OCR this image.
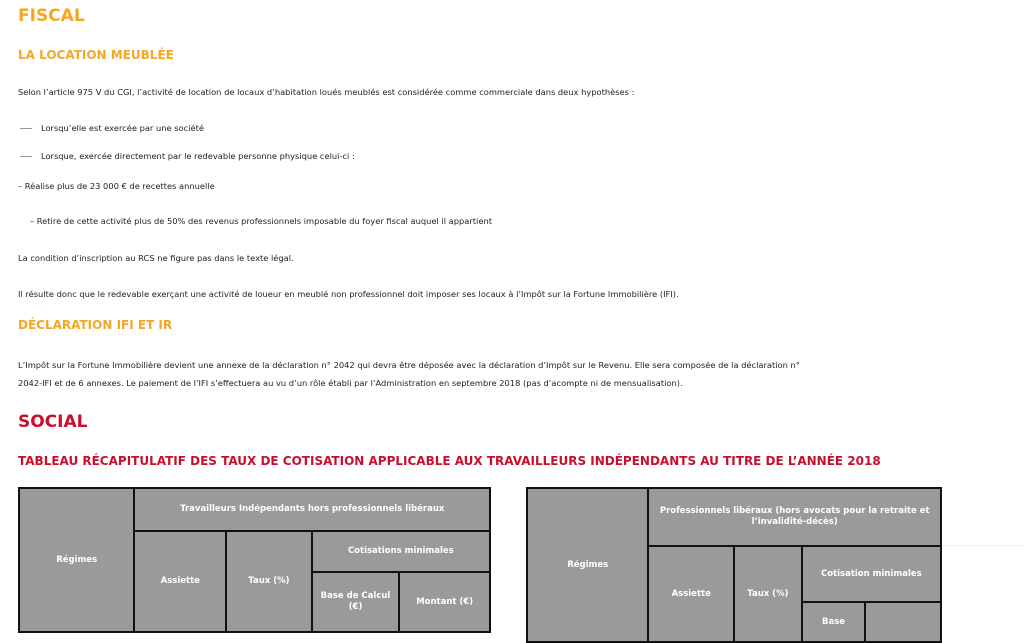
FISCAL
LA LOCATION MEUBLÉE

Selon l’article 975 V du CGI, l’activité de location de locaux d’habitation loués meublés est considérée comme commerciale dans deux hypothèses :

Lorsqu’elle est exercée par une société
Lorsque, exercée directement par le redevable personne physique celui-ci :

– Réalise plus de 23 000 € de recettes annuelle

– Retire de cette activité plus de 50% des revenus professionnels imposable du foyer fiscal auquel il appartient

La condition d’inscription au RCS ne figure pas dans le texte légal.

Il résulte donc que le redevable exerçant une activité de loueur en meublé non professionnel doit imposer ses locaux à l’Impôt sur la Fortune Immobilière (IFI).

DÉCLARATION IFI ET IR

L’Impôt sur la Fortune Immobilière devient une annexe de la déclaration n° 2042 qui devra être déposée avec la déclaration d’Impôt sur le Revenu. Elle sera composée de la déclaration n°

2042-IFI et de 6 annexes. Le paiement de l’IFI s’effectuera au vu d’un rôle établi par l’Administration en septembre 2018 (pas d’acompte ni de mensualisation).

SOCIAL
TABLEAU RÉCAPITULATIF DES TAUX DE COTISATION APPLICABLE AUX TRAVAILLEURS INDÉPENDANTS AU TITRE DE L’ANNÉE 2018
Régimes	Travailleurs Indépendants hors professionnels libéraux			
	Assiette	Taux (%)	Cotisations minimales	
			Base de Calcul (€)	Montant (€)
Régimes	Professionnels libéraux (hors avocats pour la retraite et l’invalidité-décès)			
	Assiette	Taux (%)	Cotisation minimales	
			Base	
